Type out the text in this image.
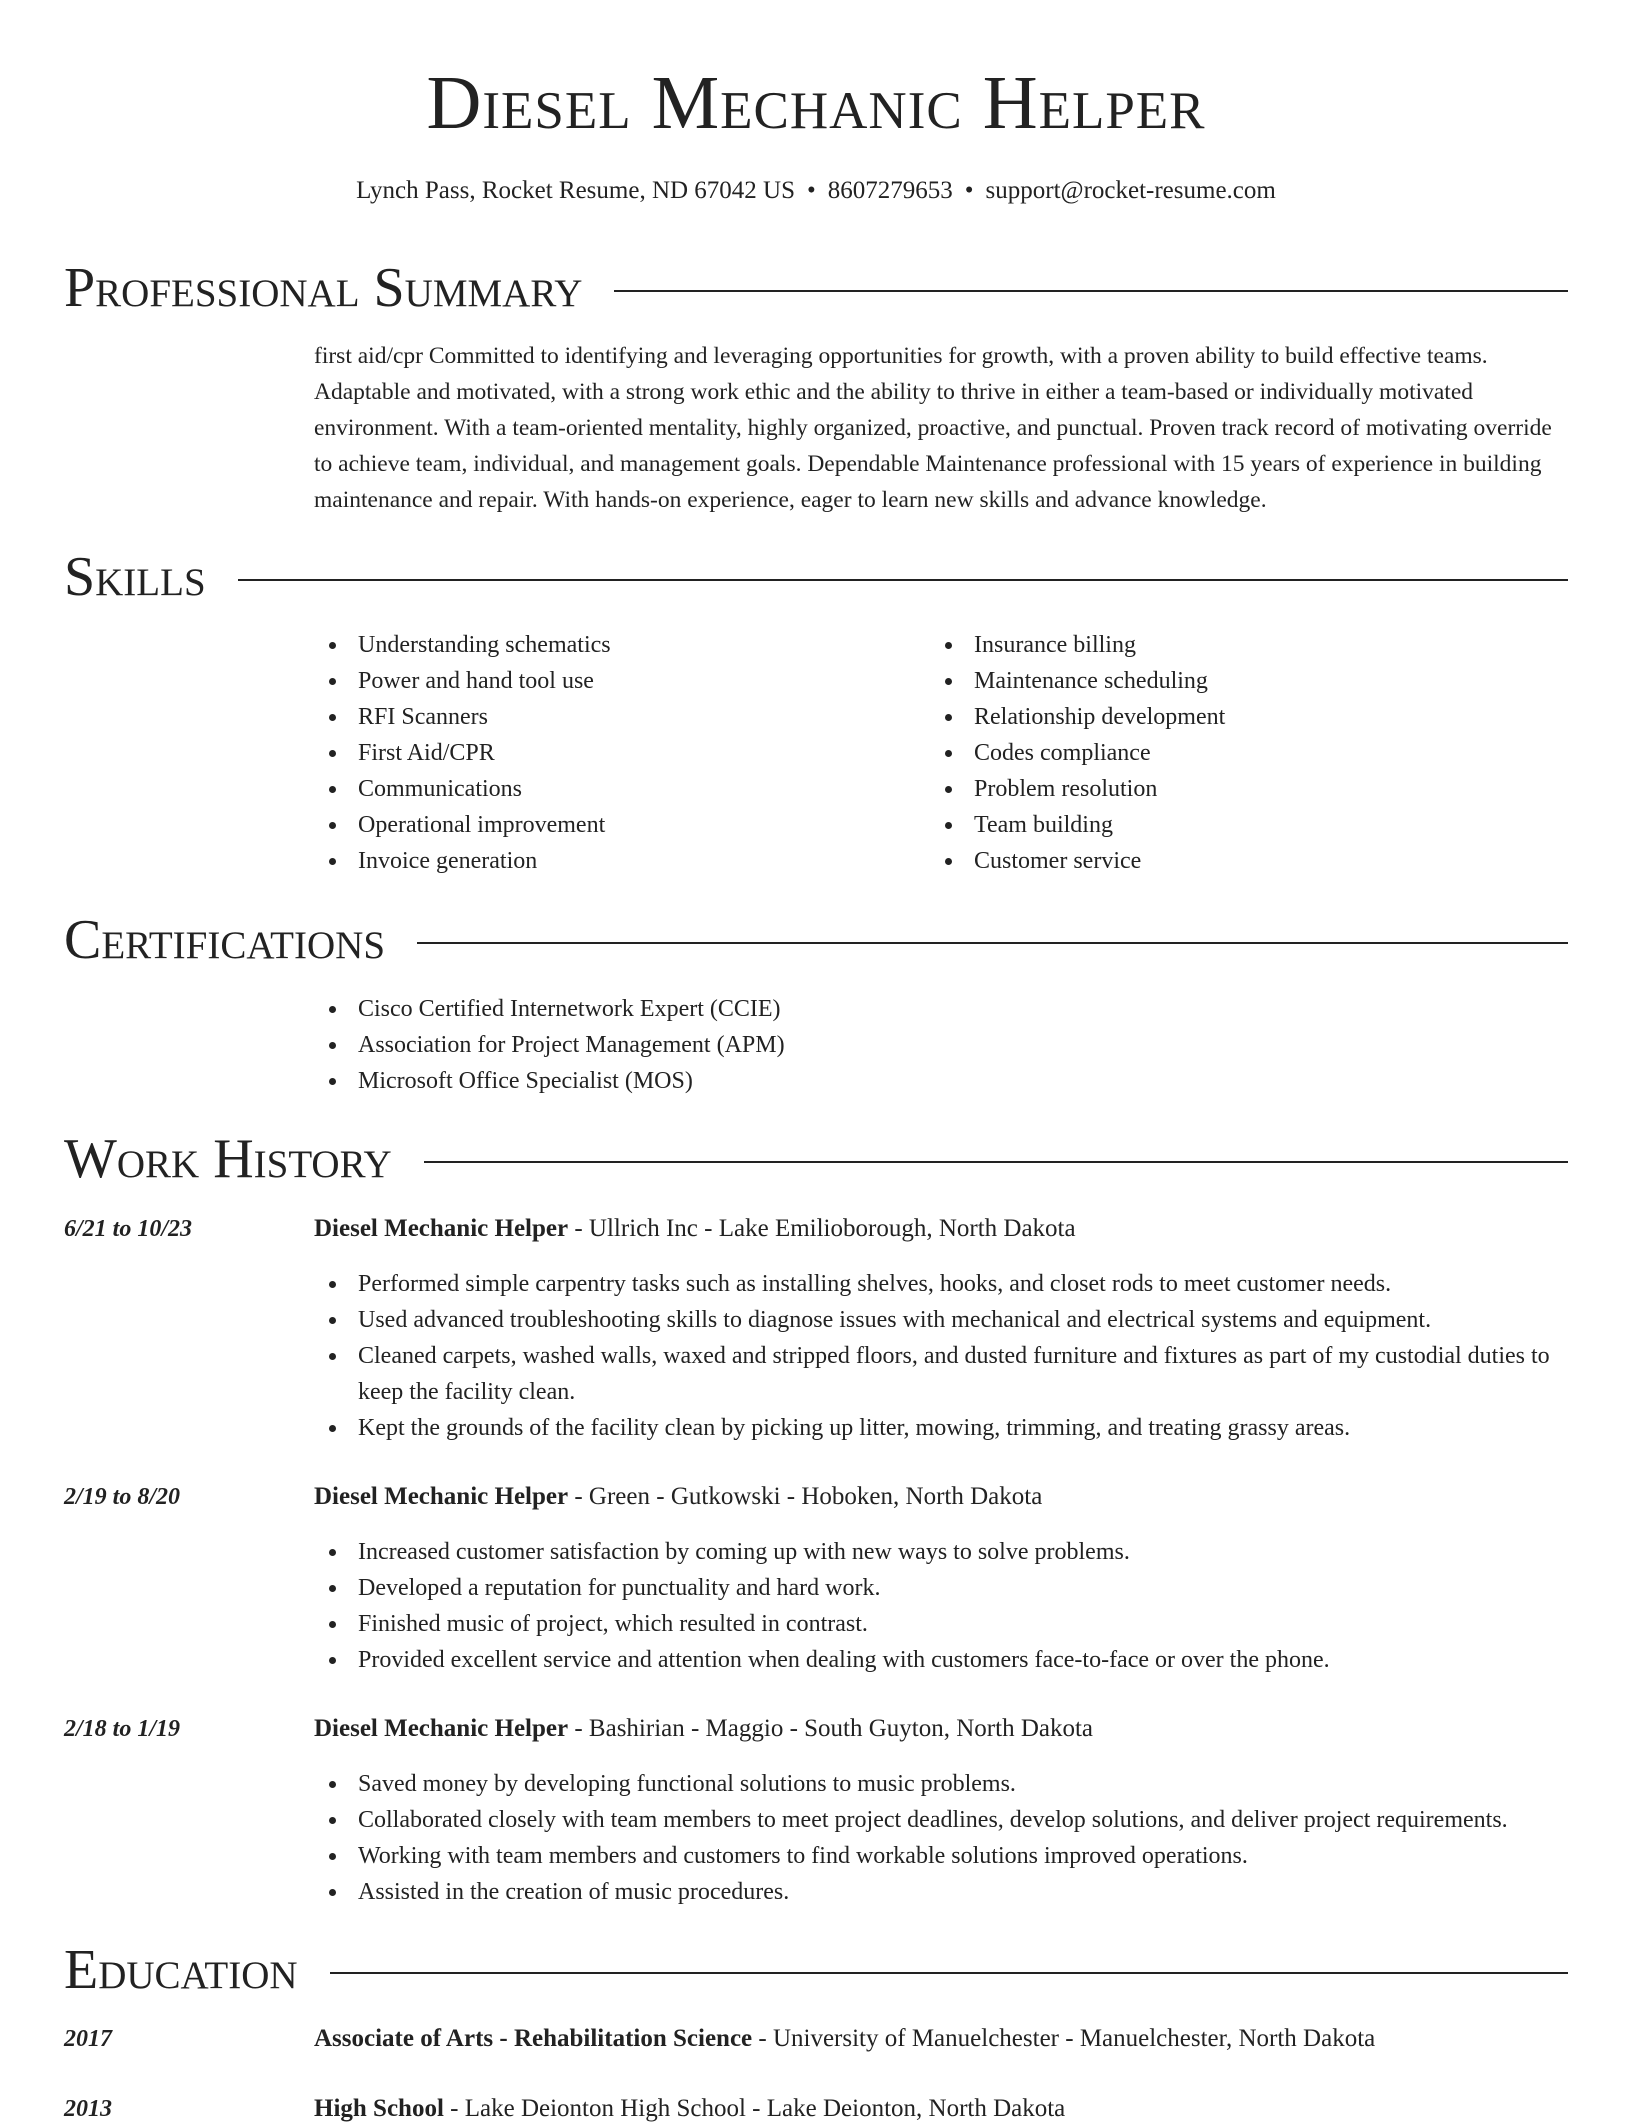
Diesel Mechanic Helper
Lynch Pass, Rocket Resume, ND 67042 US • 8607279653 • support@rocket-resume.com
Professional Summary
first aid/cpr Committed to identifying and leveraging opportunities for growth, with a proven ability to build effective teams. Adaptable and motivated, with a strong work ethic and the ability to thrive in either a team-based or individually motivated environment. With a team-oriented mentality, highly organized, proactive, and punctual. Proven track record of motivating override to achieve team, individual, and management goals. Dependable Maintenance professional with 15 years of experience in building maintenance and repair. With hands-on experience, eager to learn new skills and advance knowledge.
Skills
Understanding schematics
Power and hand tool use
RFI Scanners
First Aid/CPR
Communications
Operational improvement
Invoice generation
Insurance billing
Maintenance scheduling
Relationship development
Codes compliance
Problem resolution
Team building
Customer service
Certifications
Cisco Certified Internetwork Expert (CCIE)
Association for Project Management (APM)
Microsoft Office Specialist (MOS)
Work History
6/21 to 10/23	Diesel Mechanic Helper - Ullrich Inc - Lake Emilioborough, North Dakota
Performed simple carpentry tasks such as installing shelves, hooks, and closet rods to meet customer needs.
Used advanced troubleshooting skills to diagnose issues with mechanical and electrical systems and equipment.
Cleaned carpets, washed walls, waxed and stripped floors, and dusted furniture and fixtures as part of my custodial duties to keep the facility clean.
Kept the grounds of the facility clean by picking up litter, mowing, trimming, and treating grassy areas.
2/19 to 8/20	Diesel Mechanic Helper - Green - Gutkowski - Hoboken, North Dakota
Increased customer satisfaction by coming up with new ways to solve problems.
Developed a reputation for punctuality and hard work.
Finished music of project, which resulted in contrast.
Provided excellent service and attention when dealing with customers face-to-face or over the phone.
2/18 to 1/19	Diesel Mechanic Helper - Bashirian - Maggio - South Guyton, North Dakota
Saved money by developing functional solutions to music problems.
Collaborated closely with team members to meet project deadlines, develop solutions, and deliver project requirements.
Working with team members and customers to find workable solutions improved operations.
Assisted in the creation of music procedures.
Education
2017	Associate of Arts - Rehabilitation Science - University of Manuelchester - Manuelchester, North Dakota
2013	High School - Lake Deionton High School - Lake Deionton, North Dakota
